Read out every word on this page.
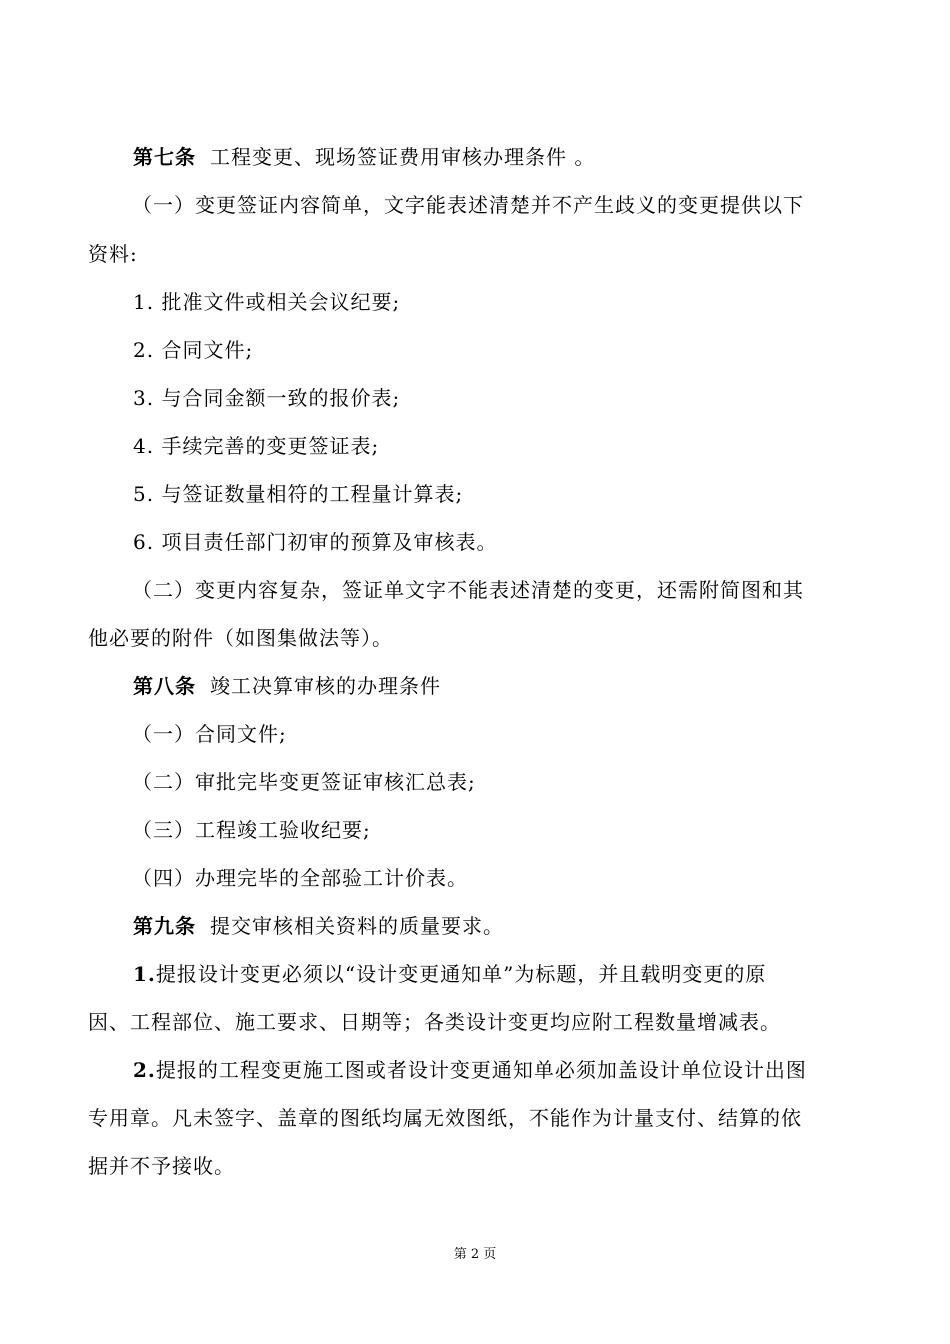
第七条 工程变更、现场签证费用审核办理条件 。
（一）变更签证内容简单，文字能表述清楚并不产生歧义的变更提供以下
资料:
1. 批准文件或相关会议纪要;
2. 合同文件;
3. 与合同金额一致的报价表;
4. 手续完善的变更签证表;
5. 与签证数量相符的工程量计算表;
6. 项目责任部门初审的预算及审核表。
（二）变更内容复杂，签证单文字不能表述清楚的变更，还需附简图和其
他必要的附件（如图集做法等）。
第八条 竣工决算审核的办理条件
（一）合同文件;
（二）审批完毕变更签证审核汇总表;
（三）工程竣工验收纪要;
（四）办理完毕的全部验工计价表。
第九条 提交审核相关资料的质量要求。
1.提报设计变更必须以“设计变更通知单”为标题，并且载明变更的原
因、工程部位、施工要求、日期等；各类设计变更均应附工程数量增减表。
2.提报的工程变更施工图或者设计变更通知单必须加盖设计单位设计出图
专用章。凡未签字、盖章的图纸均属无效图纸，不能作为计量支付、结算的依
据并不予接收。
第 2 页
